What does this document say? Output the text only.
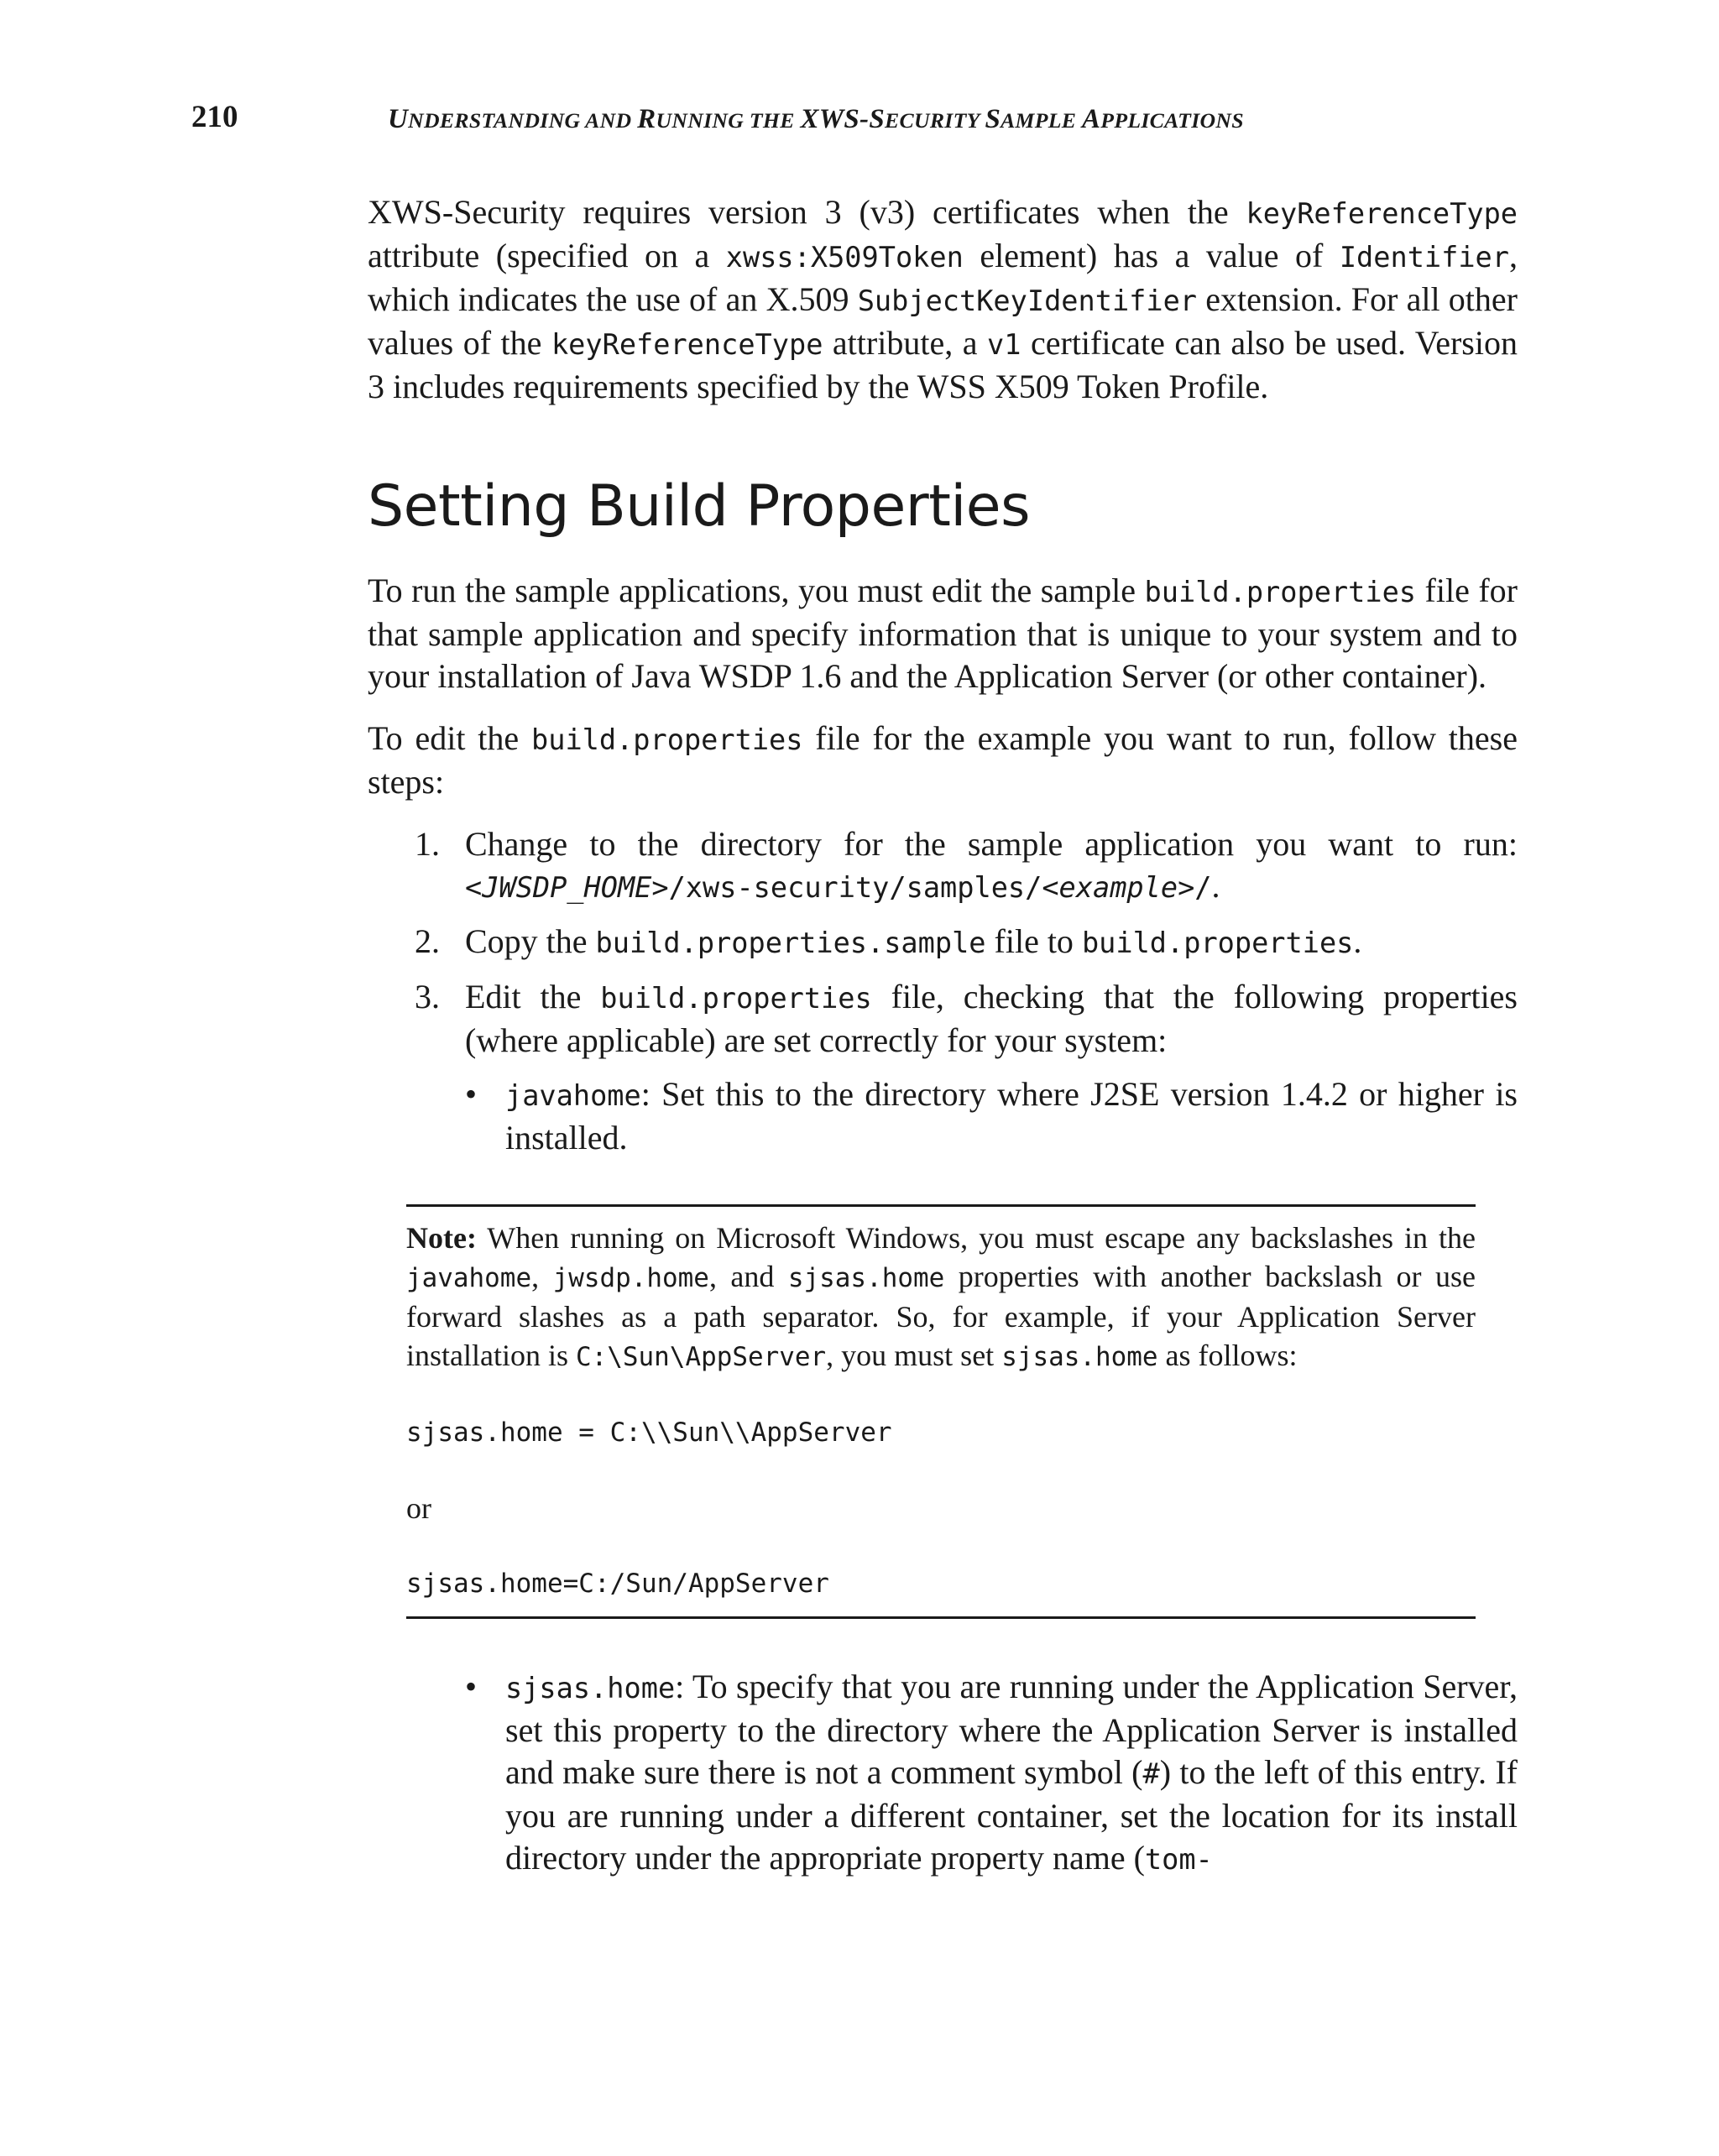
210	UNDERSTANDING AND RUNNING THE XWS-SECURITY SAMPLE APPLICATIONS

XWS-Security requires version 3 (v3) certificates when the keyReferenceType attribute (specified on a xwss:X509Token element) has a value of Identifier, which indicates the use of an X.509 SubjectKeyIdentifier extension. For all other values of the keyReferenceType attribute, a v1 certificate can also be used. Version 3 includes requirements specified by the WSS X509 Token Profile.

Setting Build Properties

To run the sample applications, you must edit the sample build.properties file for that sample application and specify information that is unique to your system and to your installation of Java WSDP 1.6 and the Application Server (or other container).

To edit the build.properties file for the example you want to run, follow these steps:

1. Change to the directory for the sample application you want to run: <JWSDP_HOME>/xws-security/samples/<example>/.
2. Copy the build.properties.sample file to build.properties.
3. Edit the build.properties file, checking that the following properties (where applicable) are set correctly for your system:
• javahome: Set this to the directory where J2SE version 1.4.2 or higher is installed.

Note: When running on Microsoft Windows, you must escape any backslashes in the javahome, jwsdp.home, and sjsas.home properties with another backslash or use forward slashes as a path separator. So, for example, if your Application Server installation is C:\Sun\AppServer, you must set sjsas.home as follows:

sjsas.home = C:\\Sun\\AppServer
or
sjsas.home=C:/Sun/AppServer
• sjsas.home: To specify that you are running under the Application Server, set this property to the directory where the Application Server is installed and make sure there is not a comment symbol (#) to the left of this entry. If you are running under a different container, set the location for its install directory under the appropriate property name (tom-
